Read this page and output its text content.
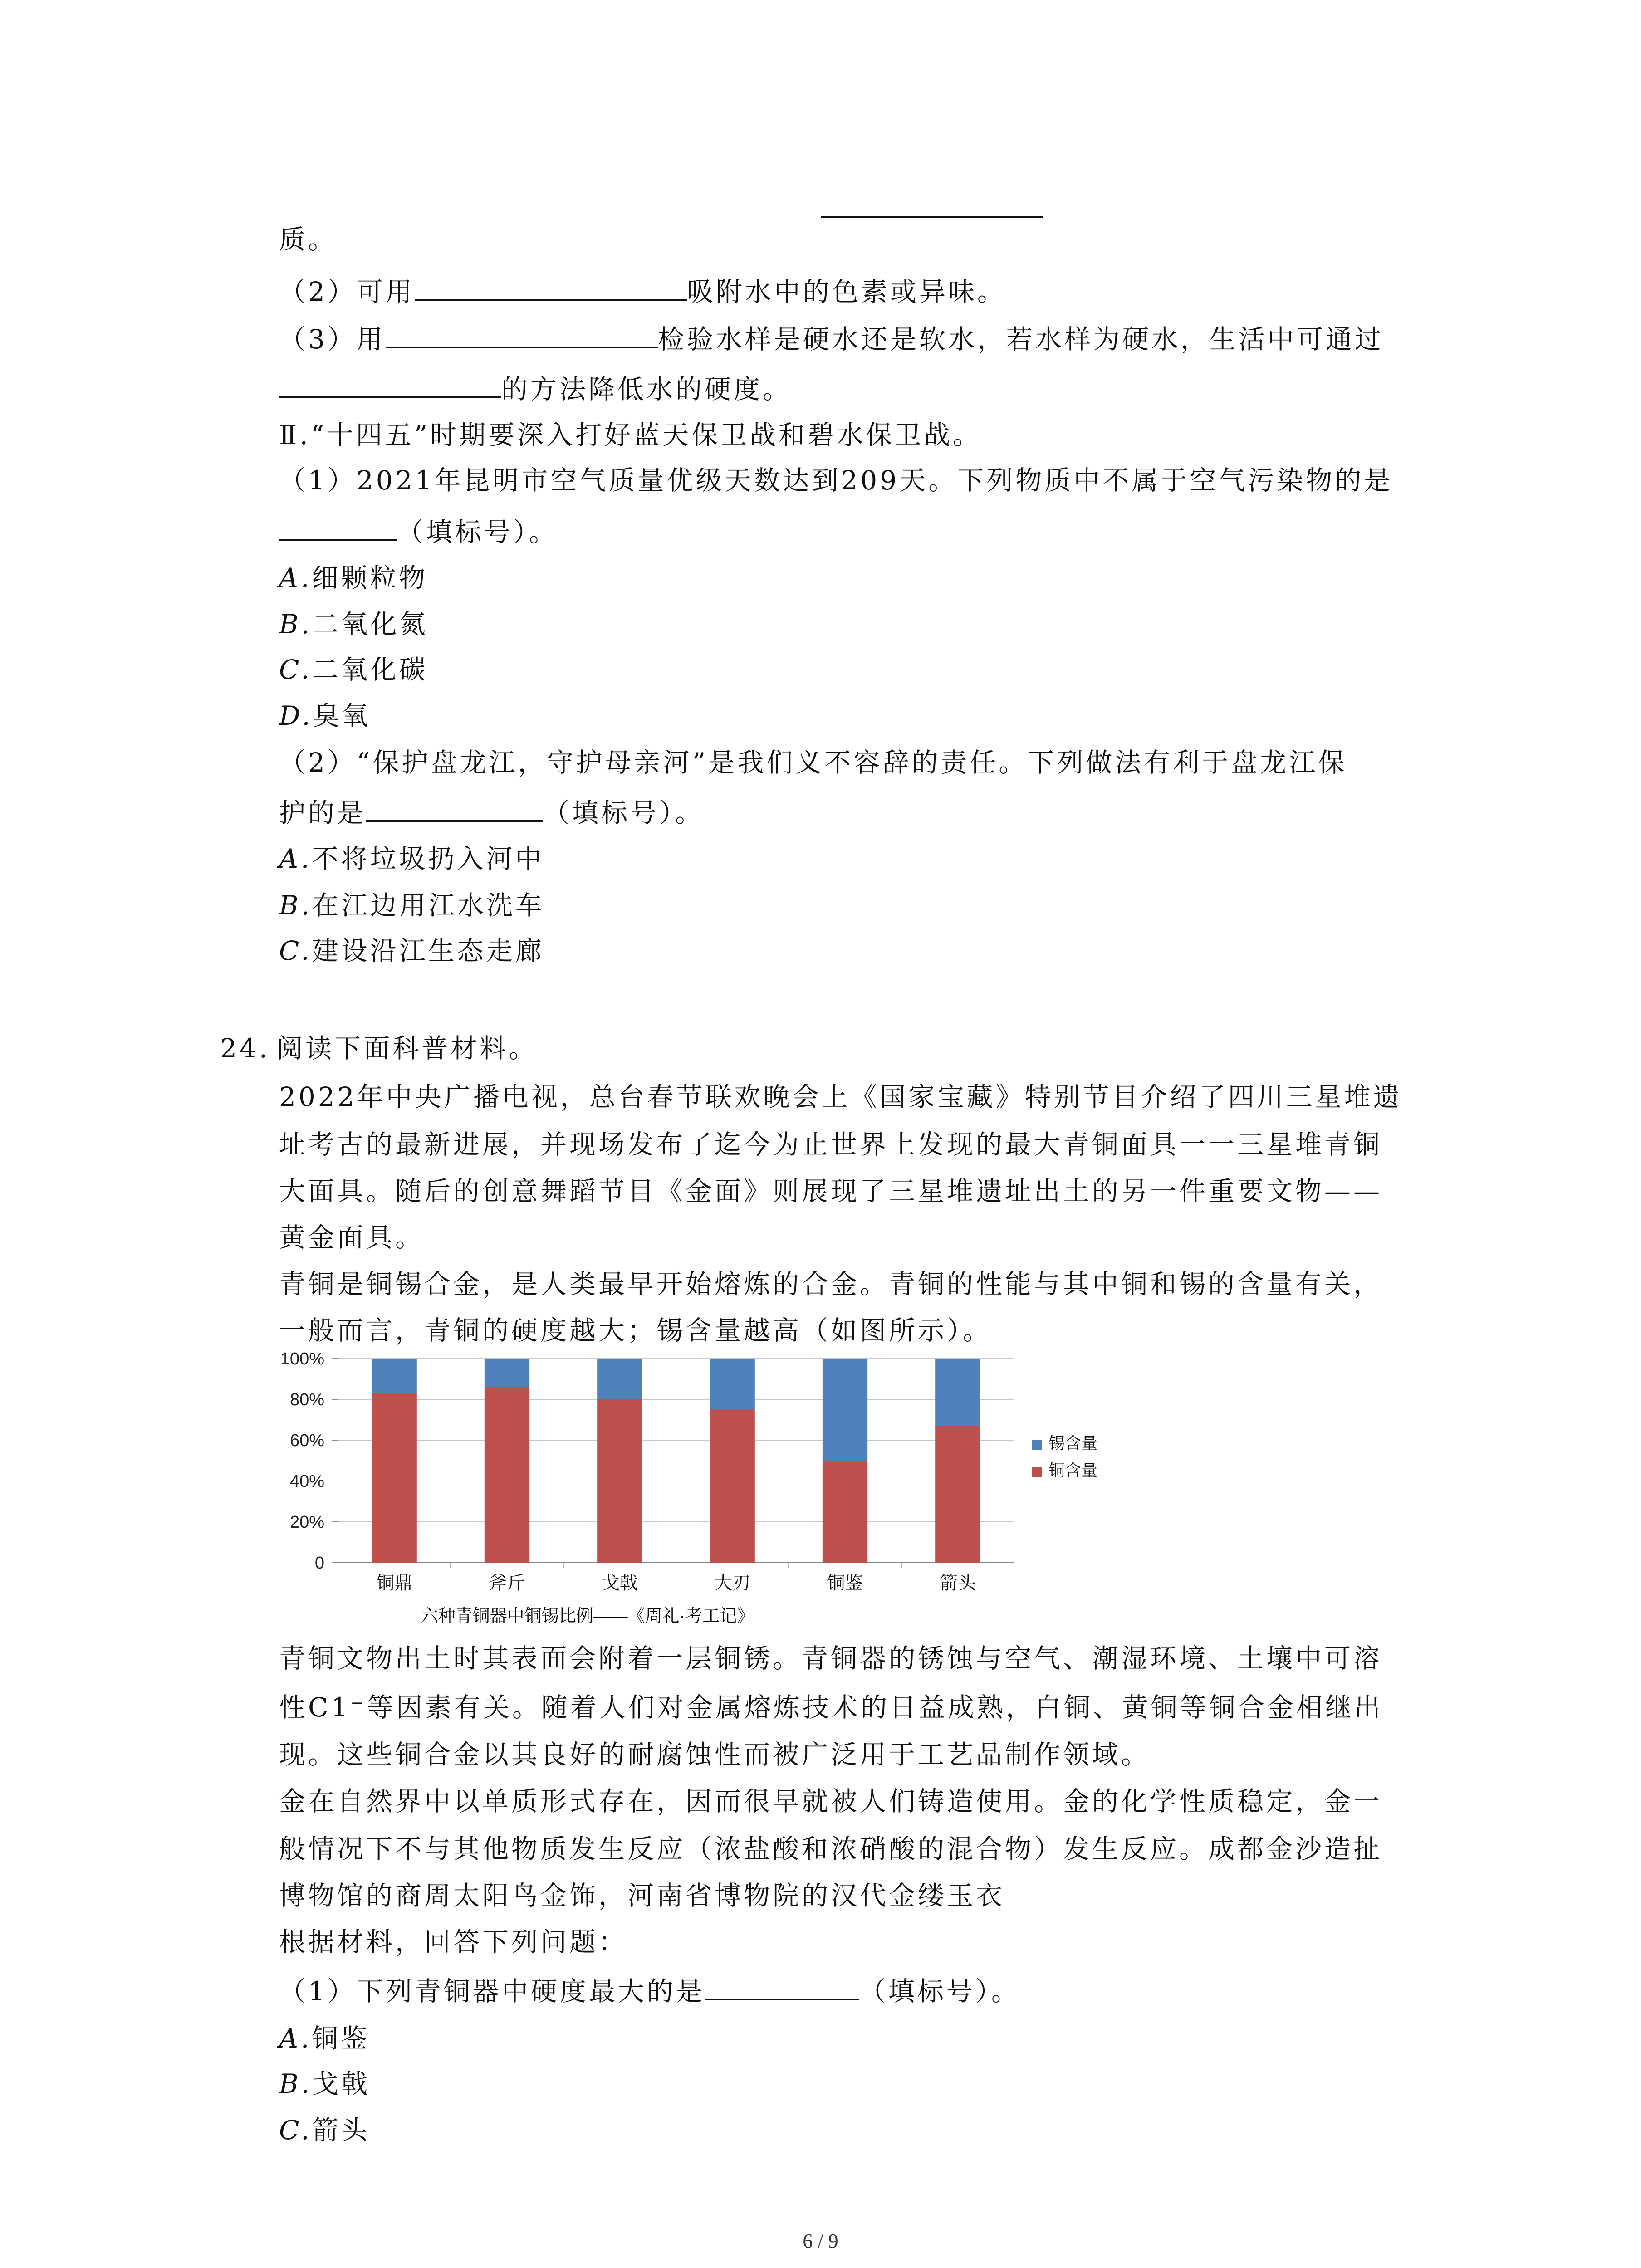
质。
（2）可用	吸附水中的色素或异味。
（3）用	检验水样是硬水还是软水，若水样为硬水，生活中可通过
的方法降低水的硬度。
Ⅱ.“十四五”时期要深入打好蓝天保卫战和碧水保卫战。
（1）2021年昆明市空气质量优级天数达到209天。下列物质中不属于空气污染物的是
（填标号）。
A.细颗粒物
B.二氧化氮
C.二氧化碳
D.臭氧
（2）“保护盘龙江，守护母亲河”是我们义不容辞的责任。下列做法有利于盘龙江保
护的是	（填标号）。
A.不将垃圾扔入河中
B.在江边用江水洗车
C.建设沿江生态走廊
24. 阅读下面科普材料。
2022年中央广播电视，总台春节联欢晚会上《国家宝藏》特别节目介绍了四川三星堆遗
址考古的最新进展，并现场发布了迄今为止世界上发现的最大青铜面具一一三星堆青铜
大面具。随后的创意舞蹈节目《金面》则展现了三星堆遗址出土的另一件重要文物——
黄金面具。
青铜是铜锡合金，是人类最早开始熔炼的合金。青铜的性能与其中铜和锡的含量有关，
一般而言，青铜的硬度越大；锡含量越高（如图所示）。
0
20%
40%
60%
80%
100%
铜鼎	斧斤	戈戟	大刃	铜鉴	箭头
锡含量
铜含量
六种青铜器中铜锡比例——《周礼·考工记》
青铜文物出土时其表面会附着一层铜锈。青铜器的锈蚀与空气、潮湿环境、土壤中可溶
性C1⁻等因素有关。随着人们对金属熔炼技术的日益成熟，白铜、黄铜等铜合金相继出
现。这些铜合金以其良好的耐腐蚀性而被广泛用于工艺品制作领域。
金在自然界中以单质形式存在，因而很早就被人们铸造使用。金的化学性质稳定，金一
般情况下不与其他物质发生反应（浓盐酸和浓硝酸的混合物）发生反应。成都金沙造扯
博物馆的商周太阳鸟金饰，河南省博物院的汉代金缕玉衣
根据材料，回答下列问题：
（1）下列青铜器中硬度最大的是	（填标号）。
A.铜鉴
B.戈戟
C.箭头
6 / 9
